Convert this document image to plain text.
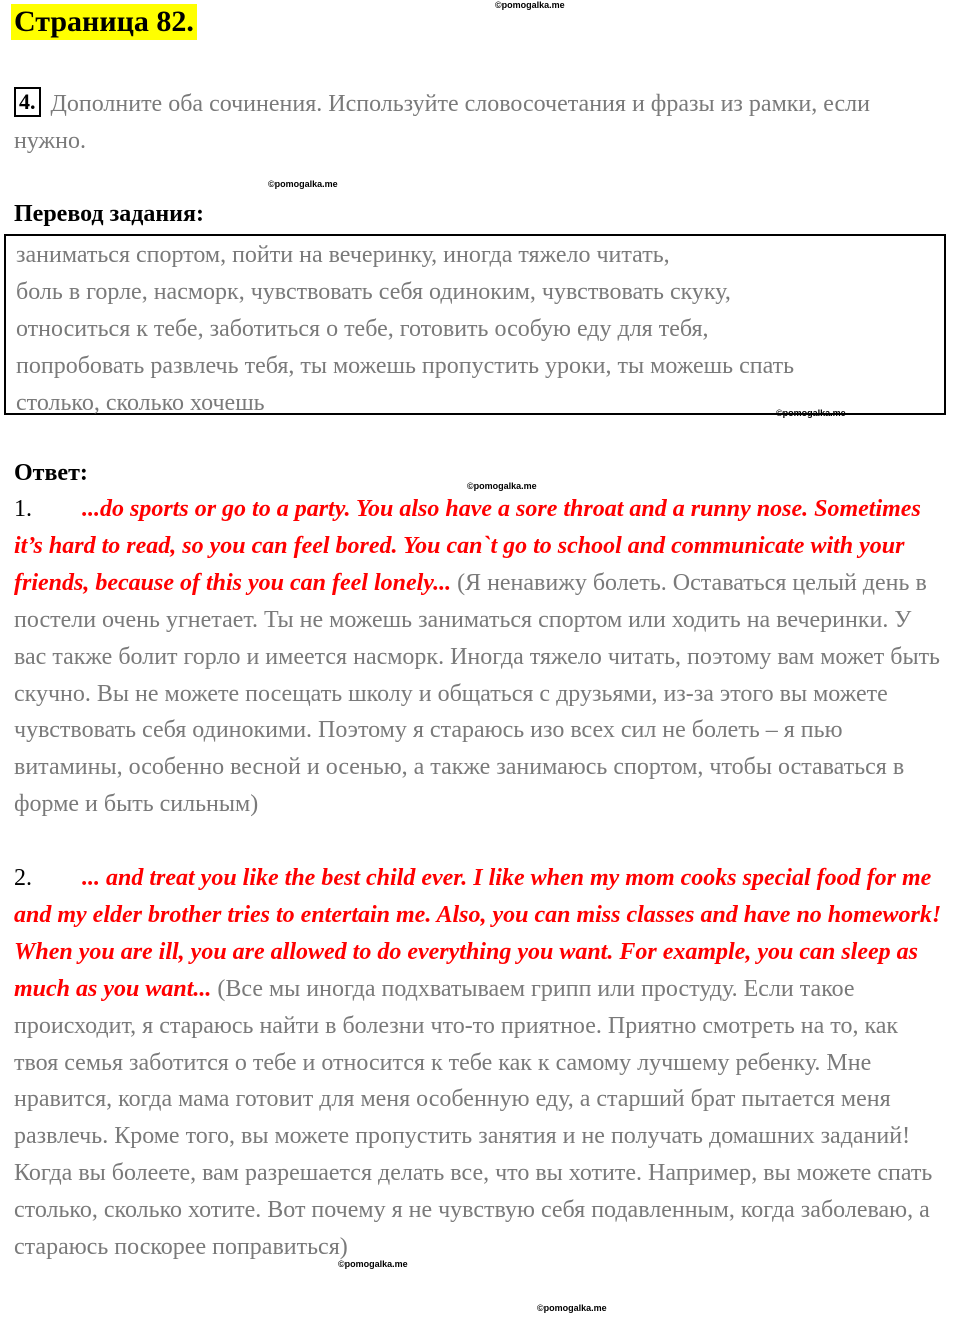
©pomogalka.me
©pomogalka.me
©pomogalka.me
©pomogalka.me
©pomogalka.me
©pomogalka.me
Страница 82.
4. Дополните оба сочинения. Используйте словосочетания и фразы из рамки, если нужно.
Перевод задания:
заниматься спортом, пойти на вечеринку, иногда тяжело читать,
боль в горле, насморк, чувствовать себя одиноким, чувствовать скуку,
относиться к тебе, заботиться о тебе, готовить особую еду для тебя,
попробовать развлечь тебя, ты можешь пропустить уроки, ты можешь спать
столько, сколько хочешь
Ответ:
1. ...do sports or go to a party. You also have a sore throat and a runny nose. Sometimes it’s hard to read, so you can feel bored. You can`t go to school and communicate with your friends, because of this you can feel lonely... (Я ненавижу болеть. Оставаться целый день в постели очень угнетает. Ты не можешь заниматься спортом или ходить на вечеринки. У вас также болит горло и имеется насморк. Иногда тяжело читать, поэтому вам может быть скучно. Вы не можете посещать школу и общаться с друзьями, из-за этого вы можете чувствовать себя одинокими. Поэтому я стараюсь изо всех сил не болеть – я пью витамины, особенно весной и осенью, а также занимаюсь спортом, чтобы оставаться в форме и быть сильным)
2. ... and treat you like the best child ever. I like when my mom cooks special food for me and my elder brother tries to entertain me. Also, you can miss classes and have no homework! When you are ill, you are allowed to do everything you want. For example, you can sleep as much as you want... (Все мы иногда подхватываем грипп или простуду. Если такое происходит, я стараюсь найти в болезни что-то приятное. Приятно смотреть на то, как твоя семья заботится о тебе и относится к тебе как к самому лучшему ребенку. Мне нравится, когда мама готовит для меня особенную еду, а старший брат пытается меня развлечь. Кроме того, вы можете пропустить занятия и не получать домашних заданий! Когда вы болеете, вам разрешается делать все, что вы хотите. Например, вы можете спать столько, сколько хотите. Вот почему я не чувствую себя подавленным, когда заболеваю, а стараюсь поскорее поправиться)
